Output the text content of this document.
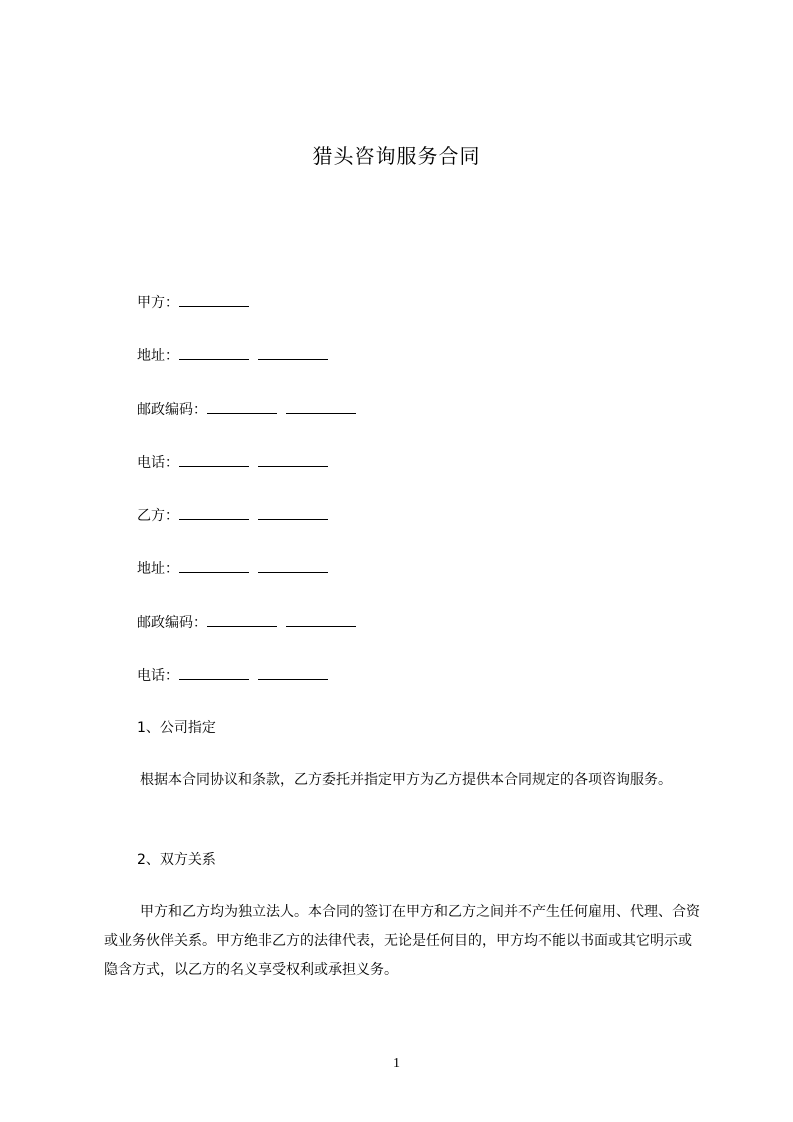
猎头咨询服务合同
甲方：
地址：
邮政编码：
电话：
乙方：
地址：
邮政编码：
电话：
1、公司指定
根据本合同协议和条款，乙方委托并指定甲方为乙方提供本合同规定的各项咨询服务。
2、双方关系
甲方和乙方均为独立法人。本合同的签订在甲方和乙方之间并不产生任何雇用、代理、合资或业务伙伴关系。甲方绝非乙方的法律代表，无论是任何目的，甲方均不能以书面或其它明示或隐含方式，以乙方的名义享受权利或承担义务。
1
